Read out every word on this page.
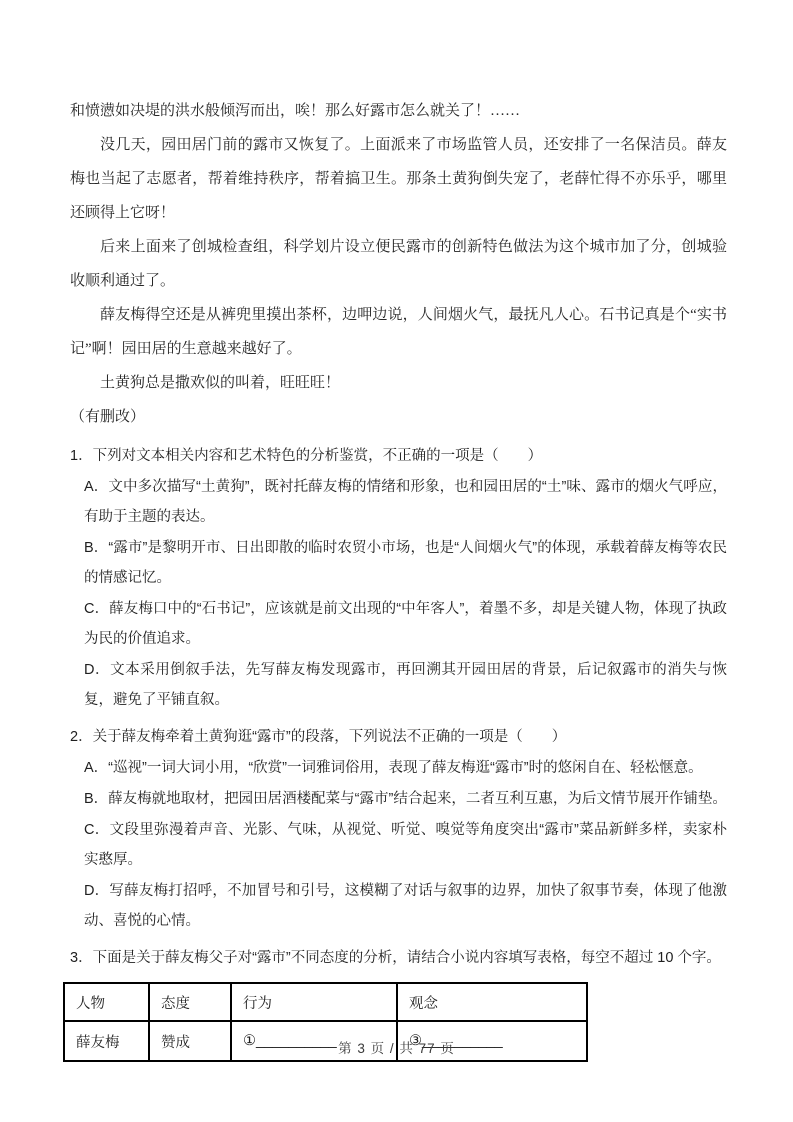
和愤懑如决堤的洪水般倾泻而出，唉！那么好露市怎么就关了！……

没几天，园田居门前的露市又恢复了。上面派来了市场监管人员，还安排了一名保洁员。薛友梅也当起了志愿者，帮着维持秩序，帮着搞卫生。那条土黄狗倒失宠了，老薛忙得不亦乐乎，哪里还顾得上它呀！

后来上面来了创城检查组，科学划片设立便民露市的创新特色做法为这个城市加了分，创城验收顺利通过了。

薛友梅得空还是从裤兜里摸出茶杯，边呷边说，人间烟火气，最抚凡人心。石书记真是个“实书记”啊！园田居的生意越来越好了。

土黄狗总是撒欢似的叫着，旺旺旺！

（有删改）

1．下列对文本相关内容和艺术特色的分析鉴赏，不正确的一项是（　　）

A．文中多次描写“土黄狗”，既衬托薛友梅的情绪和形象，也和园田居的“土”味、露市的烟火气呼应，有助于主题的表达。

B．“露市”是黎明开市、日出即散的临时农贸小市场，也是“人间烟火气”的体现，承载着薛友梅等农民的情感记忆。

C．薛友梅口中的“石书记”，应该就是前文出现的“中年客人”，着墨不多，却是关键人物，体现了执政为民的价值追求。

D．文本采用倒叙手法，先写薛友梅发现露市，再回溯其开园田居的背景，后记叙露市的消失与恢复，避免了平铺直叙。

2．关于薛友梅牵着土黄狗逛“露市”的段落，下列说法不正确的一项是（　　）

A．“巡视”一词大词小用，“欣赏”一词雅词俗用，表现了薛友梅逛“露市”时的悠闲自在、轻松惬意。

B．薛友梅就地取材，把园田居酒楼配菜与“露市”结合起来，二者互利互惠，为后文情节展开作铺垫。

C．文段里弥漫着声音、光影、气味，从视觉、听觉、嗅觉等角度突出“露市”菜品新鲜多样，卖家朴实憨厚。

D．写薛友梅打招呼，不加冒号和引号，这模糊了对话与叙事的边界，加快了叙事节奏，体现了他激动、喜悦的心情。

3．下面是关于薛友梅父子对“露市”不同态度的分析，请结合小说内容填写表格，每空不超过 10 个字。

人物	态度	行为	观念
薛友梅	赞成	①__________	③__________
第 3 页 / 共 77 页
